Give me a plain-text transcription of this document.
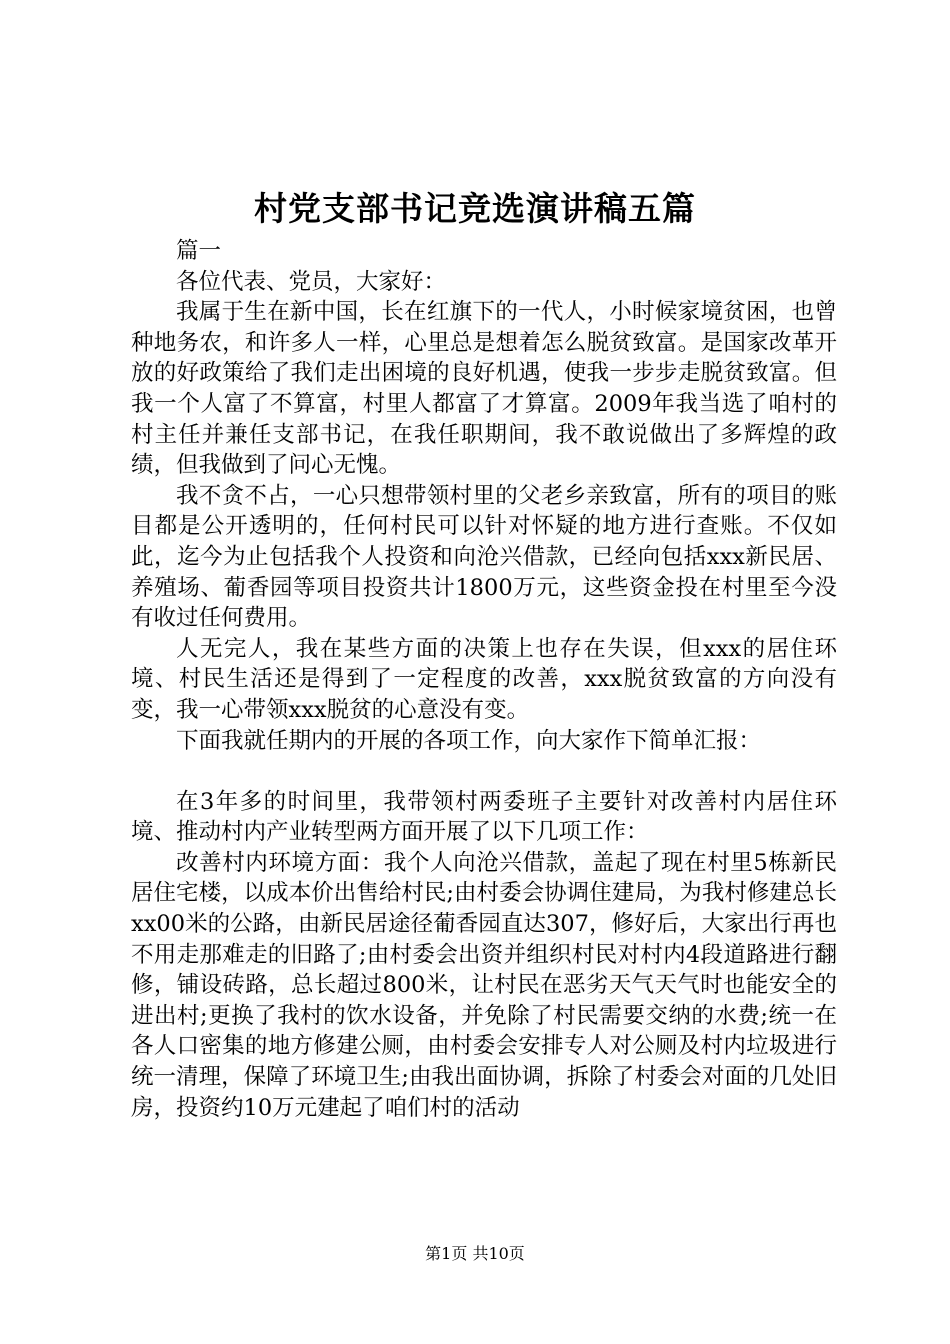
村党支部书记竞选演讲稿五篇

篇一

各位代表、党员，大家好：

我属于生在新中国，长在红旗下的一代人，小时候家境贫困，也曾种地务农，和许多人一样，心里总是想着怎么脱贫致富。是国家改革开放的好政策给了我们走出困境的良好机遇，使我一步步走脱贫致富。但我一个人富了不算富，村里人都富了才算富。2009年我当选了咱村的村主任并兼任支部书记，在我任职期间，我不敢说做出了多辉煌的政绩，但我做到了问心无愧。

我不贪不占，一心只想带领村里的父老乡亲致富，所有的项目的账目都是公开透明的，任何村民可以针对怀疑的地方进行查账。不仅如此，迄今为止包括我个人投资和向沧兴借款，已经向包括xxx新民居、养殖场、葡香园等项目投资共计1800万元，这些资金投在村里至今没有收过任何费用。

人无完人，我在某些方面的决策上也存在失误，但xxx的居住环境、村民生活还是得到了一定程度的改善，xxx脱贫致富的方向没有变，我一心带领xxx脱贫的心意没有变。

下面我就任期内的开展的各项工作，向大家作下简单汇报：

在3年多的时间里，我带领村两委班子主要针对改善村内居住环境、推动村内产业转型两方面开展了以下几项工作：

改善村内环境方面：我个人向沧兴借款，盖起了现在村里5栋新民居住宅楼，以成本价出售给村民;由村委会协调住建局，为我村修建总长xx00米的公路，由新民居途径葡香园直达307，修好后，大家出行再也不用走那难走的旧路了;由村委会出资并组织村民对村内4段道路进行翻修，铺设砖路，总长超过800米，让村民在恶劣天气天气时也能安全的进出村;更换了我村的饮水设备，并免除了村民需要交纳的水费;统一在各人口密集的地方修建公厕，由村委会安排专人对公厕及村内垃圾进行统一清理，保障了环境卫生;由我出面协调，拆除了村委会对面的几处旧房，投资约10万元建起了咱们村的活动

第1页 共10页
